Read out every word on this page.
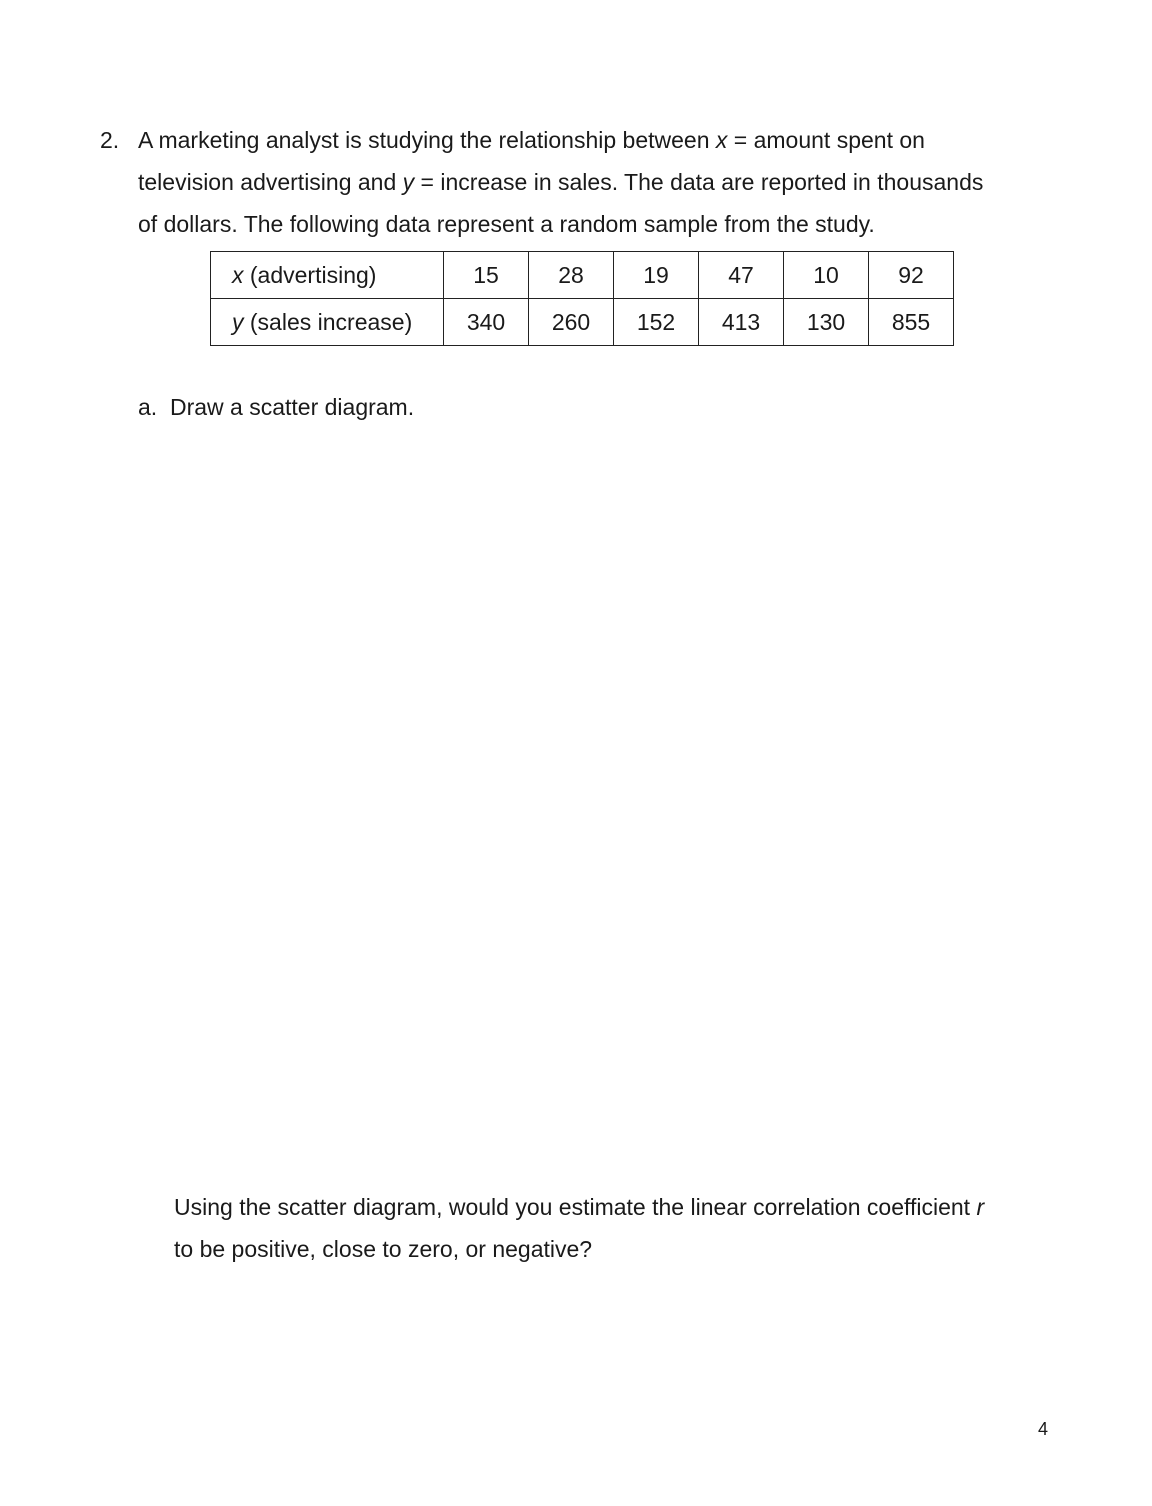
2. A marketing analyst is studying the relationship between x = amount spent on
television advertising and y = increase in sales. The data are reported in thousands
of dollars. The following data represent a random sample from the study.
x (advertising)	15	28	19	47	10	92
y (sales increase)	340	260	152	413	130	855
a. Draw a scatter diagram.
Using the scatter diagram, would you estimate the linear correlation coefficient r
to be positive, close to zero, or negative?
4
